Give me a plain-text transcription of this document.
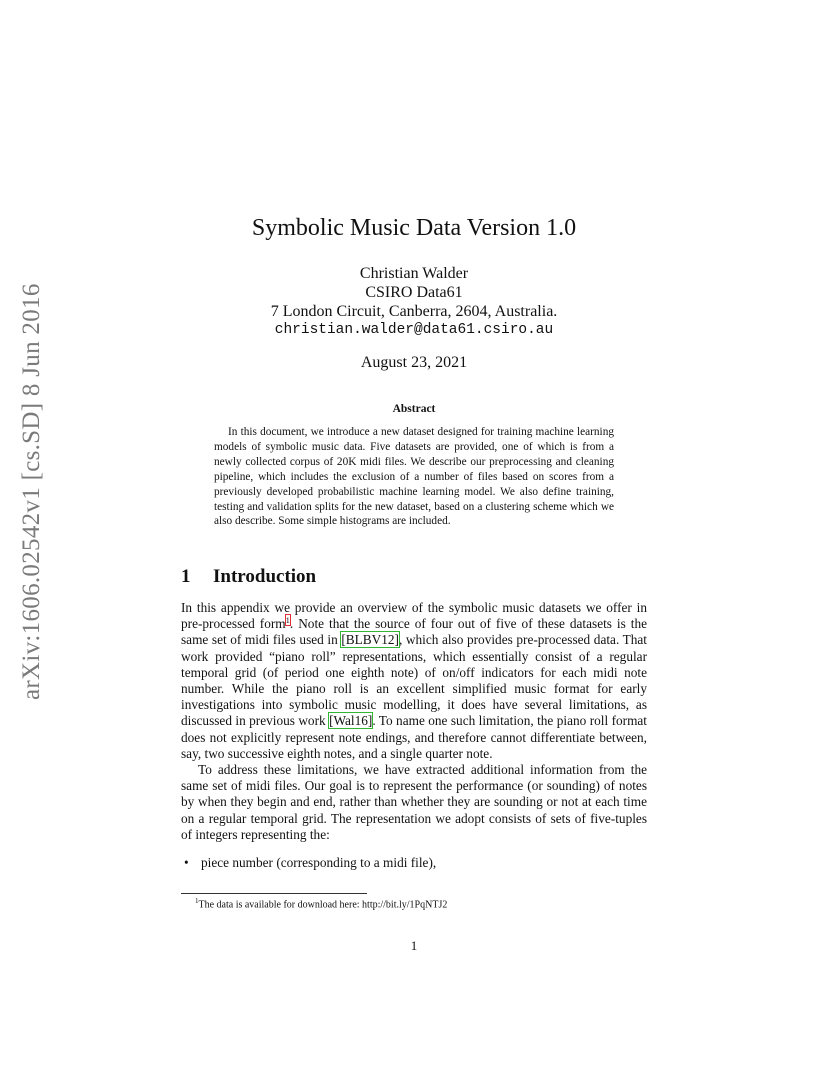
arXiv:1606.02542v1 [cs.SD] 8 Jun 2016
Symbolic Music Data Version 1.0
Christian Walder
CSIRO Data61
7 London Circuit, Canberra, 2604, Australia.
christian.walder@data61.csiro.au
August 23, 2021
Abstract
In this document, we introduce a new dataset designed for training machine learning models of symbolic music data. Five datasets are provided, one of which is from a newly collected corpus of 20K midi files. We describe our preprocessing and cleaning pipeline, which includes the exclusion of a number of files based on scores from a previously developed probabilistic machine learning model. We also define training, testing and validation splits for the new dataset, based on a clustering scheme which we also describe. Some simple histograms are included.
1 Introduction

In this appendix we provide an overview of the symbolic music datasets we offer in pre-processed form$^1$. Note that the source of four out of five of these datasets is the same set of midi files used in [BLBV12], which also provides pre-processed data. That work provided “piano roll” representations, which essentially consist of a regular temporal grid (of period one eighth note) of on/off indicators for each midi note number. While the piano roll is an excellent simplified music format for early investigations into symbolic music modelling, it does have several limitations, as discussed in previous work [Wal16]. To name one such limitation, the piano roll format does not explicitly represent note endings, and therefore cannot differentiate between, say, two successive eighth notes, and a single quarter note.

To address these limitations, we have extracted additional information from the same set of midi files. Our goal is to represent the performance (or sounding) of notes by when they begin and end, rather than whether they are sounding or not at each time on a regular temporal grid. The representation we adopt consists of sets of five-tuples of integers representing the:

• piece number (corresponding to a midi file),
$^1$The data is available for download here: http://bit.ly/1PqNTJ2
1
